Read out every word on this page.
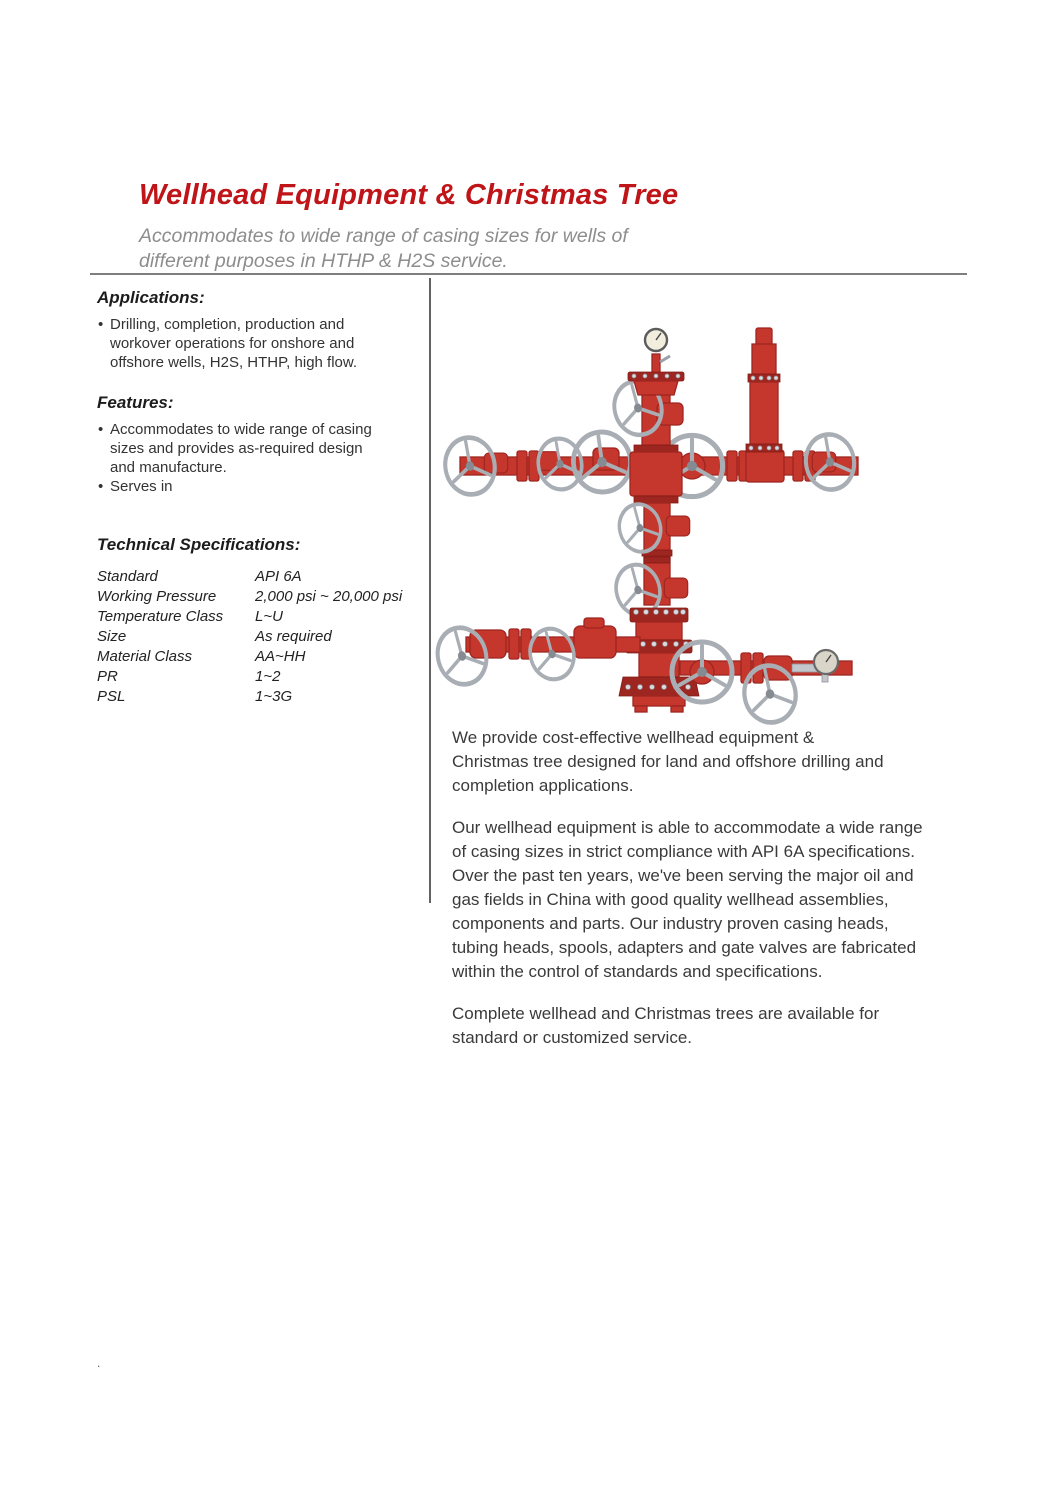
Wellhead Equipment & Christmas Tree

Accommodates to wide range of casing sizes for wells of
different purposes in HTHP & H2S service.

Applications:
• Drilling, completion, production and
workover operations for onshore and
offshore wells, H2S, HTHP, high flow.
Features:
• Accommodates to wide range of casing
sizes and provides as-required design
and manufacture.
• Serves in
Technical Specifications:
Standard	API 6A
Working Pressure	2,000 psi ~ 20,000 psi
Temperature Class	L~U
Size	As required
Material Class	AA~HH
PR	1~2
PSL	1~3G

We provide cost-effective wellhead equipment &
Christmas tree designed for land and offshore drilling and
completion applications.

Our wellhead equipment is able to accommodate a wide range
of casing sizes in strict compliance with API 6A specifications.
Over the past ten years, we've been serving the major oil and
gas fields in China with good quality wellhead assemblies,
components and parts. Our industry proven casing heads,
tubing heads, spools, adapters and gate valves are fabricated
within the control of standards and specifications.

Complete wellhead and Christmas trees are available for
standard or customized service.

.
